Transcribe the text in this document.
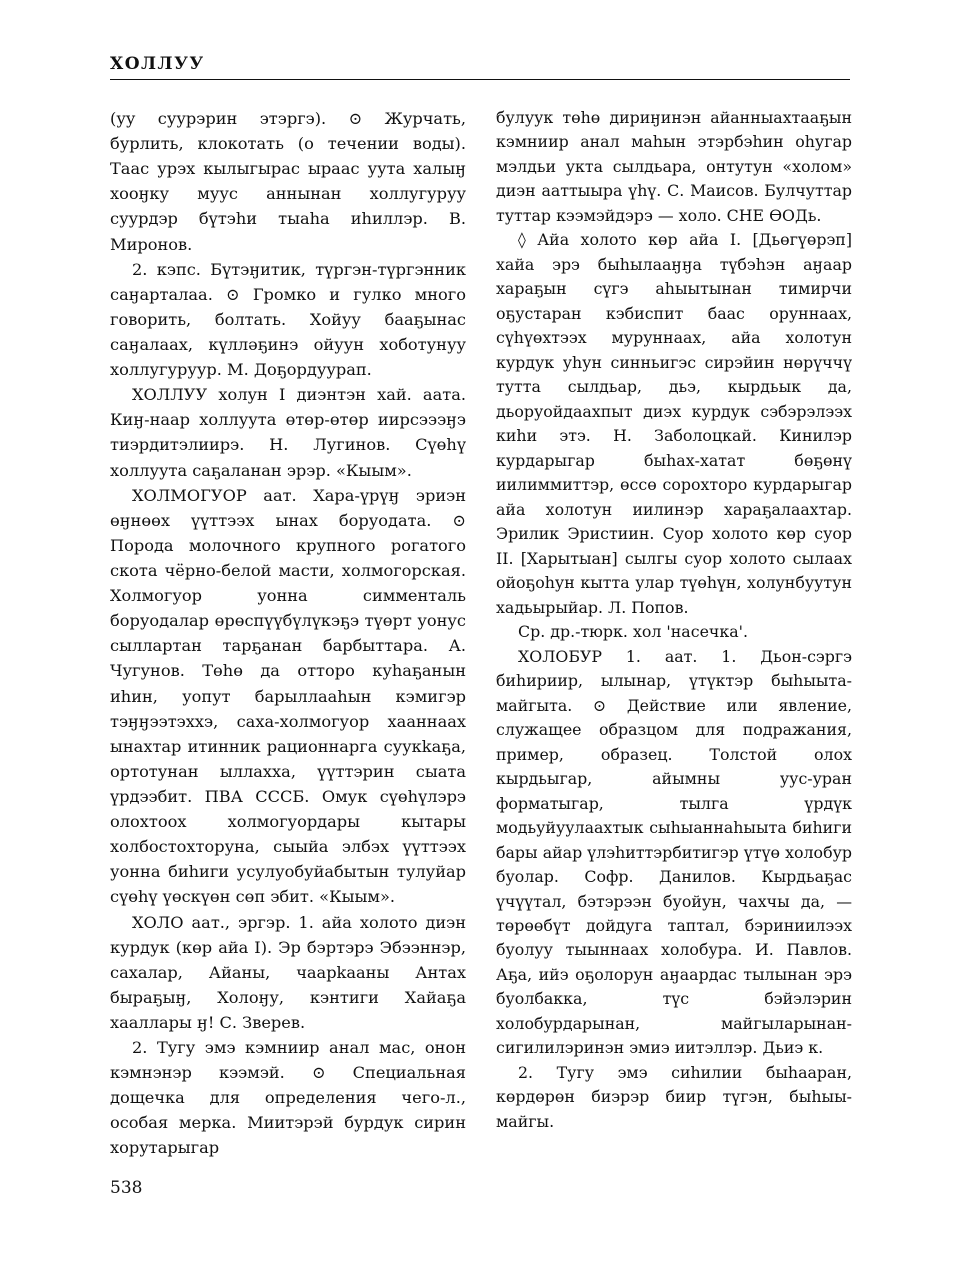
ХОЛЛУУ

(уу суурэрин этэргэ). ⊙ Журчать, бурлить, клокотать (о течении воды). Таас урэх кылыгырас ыраас уута халыӈ хооӈку муус аннынан холлугуруу суурдэр бүтэһи тыаһа иһиллэр. В. Миронов.

2. кэпс. Бүтэӈитик, түргэн-түргэнник саӈарталаа. ⊙ Громко и гулко много говорить, болтать. Хойуу бааҕынас саӈалаах, күлләҕинэ ойуун хоботунуу холлугуруур. М. Доҕордуурап.

ХОЛЛУУ холун I диэнтэн хай. аата. Киӈ-наар холлуута өтөр-өтөр иирсэээӈэ тиэрдитэлиирэ. Н. Лугинов. Сүөһү холлуута саҕаланан эрэр. «Кыым».

ХОЛМОГУОР аат. Хара-үрүӈ эриэн өӈнөөх үүттээх ынах боруодата. ⊙ Порода молочного крупного рогатого скота чёрно-белой масти, холмогорская. Холмогуор уонна симменталь боруодалар өрөспүүбүлүкэҕэ түөрт уонус сыллартан тарҕанан барбыттара. А. Чугунов. Төһө да отторо куһаҕанын иһин, уопут барыллааһын кэмигэр тэӈӈээтэххэ, саха-холмогуор хааннаах ынахтар итинник рационнарга суукkaҕa, ортотунан ыллахха, үүттэрин сыата үрдээбит. ПВА СССБ. Омук сүөһүлэрэ олохтоох холмогуордары кытары холбостохторуна, сыыйа элбэх үүттээх уонна биһиги усулуобуйабытын тулуйар сүөһү үөскүөн сөп эбит. «Кыым».

ХОЛО аат., эргэр. 1. айа холото диэн курдук (көр айа I). Эр бэртэрэ Эбээннэр, сахалар, Айаны, чаарkaаны Антах быраҕыӈ, Холоӈу, кэнтиги Хайаҕа хааллары ӈ! С. Зверев.

2. Тугу эмэ кэмниир анал мас, онон кэмнэнэр кээмэй. ⊙ Специальная дощечка для определения чего-л., особая мерка. Миитэрэй бурдук сирин хорутарыгар

булуук төһө дириӈинэн айанныахтааҕын кэмниир анал маһын этэрбэһин оһугар мэлдьи укта сылдьара, онтутун «холом» диэн ааттыыра үһү. С. Маисов. Булчуттар туттар кээмэйдэрэ — холо. СНЕ ӨОДь.

◊ Айа холото көр айа I. [Дьөгүөрэп] хайа эрэ быһылааӈӈа түбэһэн аӈаар хараҕын сүгэ аһыытынан тимирчи оҕустаран кэбиспит баас оруннаах, сүһүөхтээх муруннаах, айа холотун курдук уһун синньигэс сирэйин нөрүччү тутта сылдьар, дьэ, кырдьык да, дьоруойдаахпыт диэх курдук сэбэрэлээх киһи этэ. Н. Заболоцкай. Кинилэр курдарыгар быһах-хатат бөҕөнү иилиммиттэр, өссө сорохторо курдарыгар айа холотун иилинэр хараҕалаахтар. Эрилик Эристиин. Суор холото көр суор II. [Харытыан] сылгы суор холото сылаах ойоҕоһун кытта улар түөһүн, холунбуутун хадьырыйар. Л. Попов.

Ср. др.-тюрк. хол 'насечка'.

ХОЛОБУР 1. аат. 1. Дьон-сэргэ биһирииp, ылынар, үтүктэр быһыыта-майгыта. ⊙ Действие или явление, служащее образцом для подражания, пример, образец. Толстой олох кырдьыгар, айымны уус-уран форматыгар, тылга үрдүк модьуйуулаахтык сыһыаннаһыыта биһиги бары айар үлэһиттэрбитигэр үтүө холобур буолар. Софр. Данилов. Кырдьаҕас үчүүтал, бэтэрээн буойун, чахчы да, — төрөөбүт дойдуга таптал, бэриниилээх буолуу тыыннаах холобура. И. Павлов. Аҕа, ийэ оҕолорун аӈаардас тылынан эрэ буолбакка, түс бэйэлэрин холобурдарынан, майгыларынан-сигилилэринэн эмиэ иитэллэр. Дьиэ к.

2. Тугу эмэ сиһилии быһааран, көрдөрөн биэрэр биир түгэн, быһыы-майгы.

538
